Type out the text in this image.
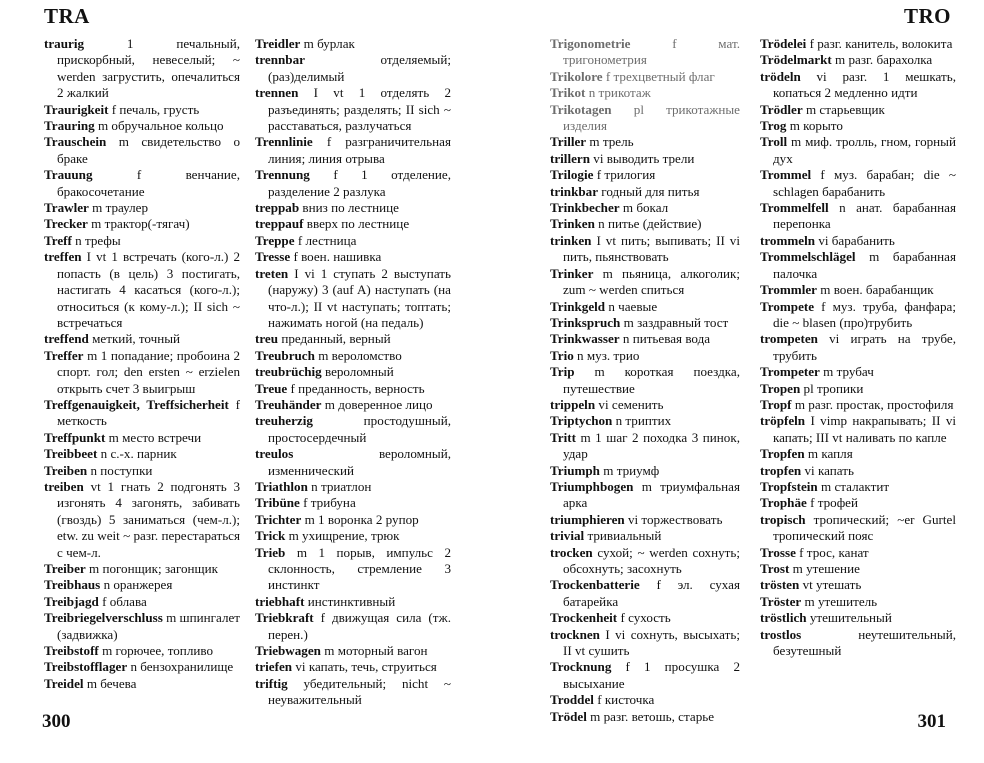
TRA

traurig	1 печальный, прискорбный, невеселый; ~ werden загрустить, опечалиться 2 жалкий

Traurigkeit f печаль, грусть

Trauring m обручальное кольцо

Trauschein m свидетельство о браке

Trauung	f венчание, бракосочетание

Trawler m траулер

Trecker m трактор(-тягач)

Treff n трефы

treffen I vt 1 встречать (кого-л.) 2 попасть (в цель) 3 постигать, настигать 4 касаться (кого-л.); относиться (к кому-л.); II sich ~ встречаться

treffend меткий, точный

Treffer m 1 попадание; пробоина 2 спорт. гол; den ersten ~ erzielen открыть счет 3 выигрыш

Treffgenauigkeit, Treffsicherheit f меткость

Treffpunkt m место встречи

Treibbeet n с.-х. парник

Treiben n поступки

treiben vt 1 гнать 2 подгонять 3 изгонять 4 загонять, забивать (гвоздь) 5 заниматься (чем-л.); etw. zu weit ~ разг. перестараться с чем-л.

Treiber m погонщик; загонщик

Treibhaus n оранжерея

Treibjagd f облава

Treibriegelverschluss m шпингалет (задвижка)

Treibstoff m горючее, топливо

Treibstofflager n бензохранилище

Treidel m бечева

Treidler m бурлак

trennbar	отделяемый; (раз)делимый

trennen I vt 1 отделять 2 разъединять; разделять; II sich ~ расставаться, разлучаться

Trennlinie f разграничительная линия; линия отрыва

Trennung f 1 отделение, разделение 2 разлука

treppab вниз по лестнице

treppauf вверх по лестнице

Treppe f лестница

Tresse f воен. нашивка

treten I vi 1 ступать 2 выступать (наружу) 3 (auf A) наступать (на что-л.); II vt наступать; топтать; нажимать ногой (на педаль)

treu преданный, верный

Treubruch m вероломство

treubrüchig вероломный

Treue f преданность, верность

Treuhänder m доверенное лицо

treuherzig	простодушный, простосердечный

treulos	вероломный, изменнический

Triathlon n триатлон

Tribüne f трибуна

Trichter m 1 воронка 2 рупор

Trick m ухищрение, трюк

Trieb m 1 порыв, импульс 2 склонность, стремление 3 инстинкт

triebhaft инстинктивный

Triebkraft f движущая сила (тж. перен.)

Triebwagen m моторный вагон

triefen vi капать, течь, струиться

triftig убедительный; nicht ~ неуважительный

300
TRO

Trigonometrie	f мат. тригонометрия

Trikolore f трехцветный флаг

Trikot n трикотаж

Trikotagen pl трикотажные изделия

Triller m трель

trillern vi выводить трели

Trilogie f трилогия

trinkbar годный для питья

Trinkbecher m бокал

Trinken n питье (действие)

trinken I vt пить; выпивать; II vi пить, пьянствовать

Trinker m пьяница, алкоголик; zum ~ werden спиться

Trinkgeld n чаевые

Trinkspruch m заздравный тост

Trinkwasser n питьевая вода

Trio n муз. трио

Trip m короткая поездка, путешествие

trippeln vi семенить

Triptychon n триптих

Tritt m 1 шаг 2 походка 3 пинок, удар

Triumph m триумф

Triumphbogen m триумфальная арка

triumphieren vi торжествовать

trivial тривиальный

trocken сухой; ~ werden сохнуть; обсохнуть; засохнуть

Trockenbatterie f эл. сухая батарейка

Trockenheit f сухость

trocknen I vi сохнуть, высыхать; II vt сушить

Trocknung f 1 просушка 2 высыхание

Troddel f кисточка

Trödel m разг. ветошь, старье

Trödelei f разг. канитель, волокита

Trödelmarkt m разг. барахолка

trödeln vi разг. 1 мешкать, копаться 2 медленно идти

Trödler m старьевщик

Trog m корыто

Troll m миф. тролль, гном, горный дух

Trommel f муз. барабан; die ~ schlagen барабанить

Trommelfell n анат. барабанная перепонка

trommeln vi барабанить

Trommelschlägel m барабанная палочка

Trommler m воен. барабанщик

Trompete f муз. труба, фанфара; die ~ blasen (про)трубить

trompeten vi играть на трубе, трубить

Trompeter m трубач

Tropen pl тропики

Tropf m разг. простак, простофиля

tröpfeln I vimp накрапывать; II vi капать; III vt наливать по капле

Tropfen m капля

tropfen vi капать

Tropfstein m сталактит

Trophäe f трофей

tropisch тропический; ~er Gurtel тропический пояс

Trosse f трос, канат

Trost m утешение

trösten vt утешать

Tröster m утешитель

tröstlich утешительный

trostlos	неутешительный, безутешный

301
